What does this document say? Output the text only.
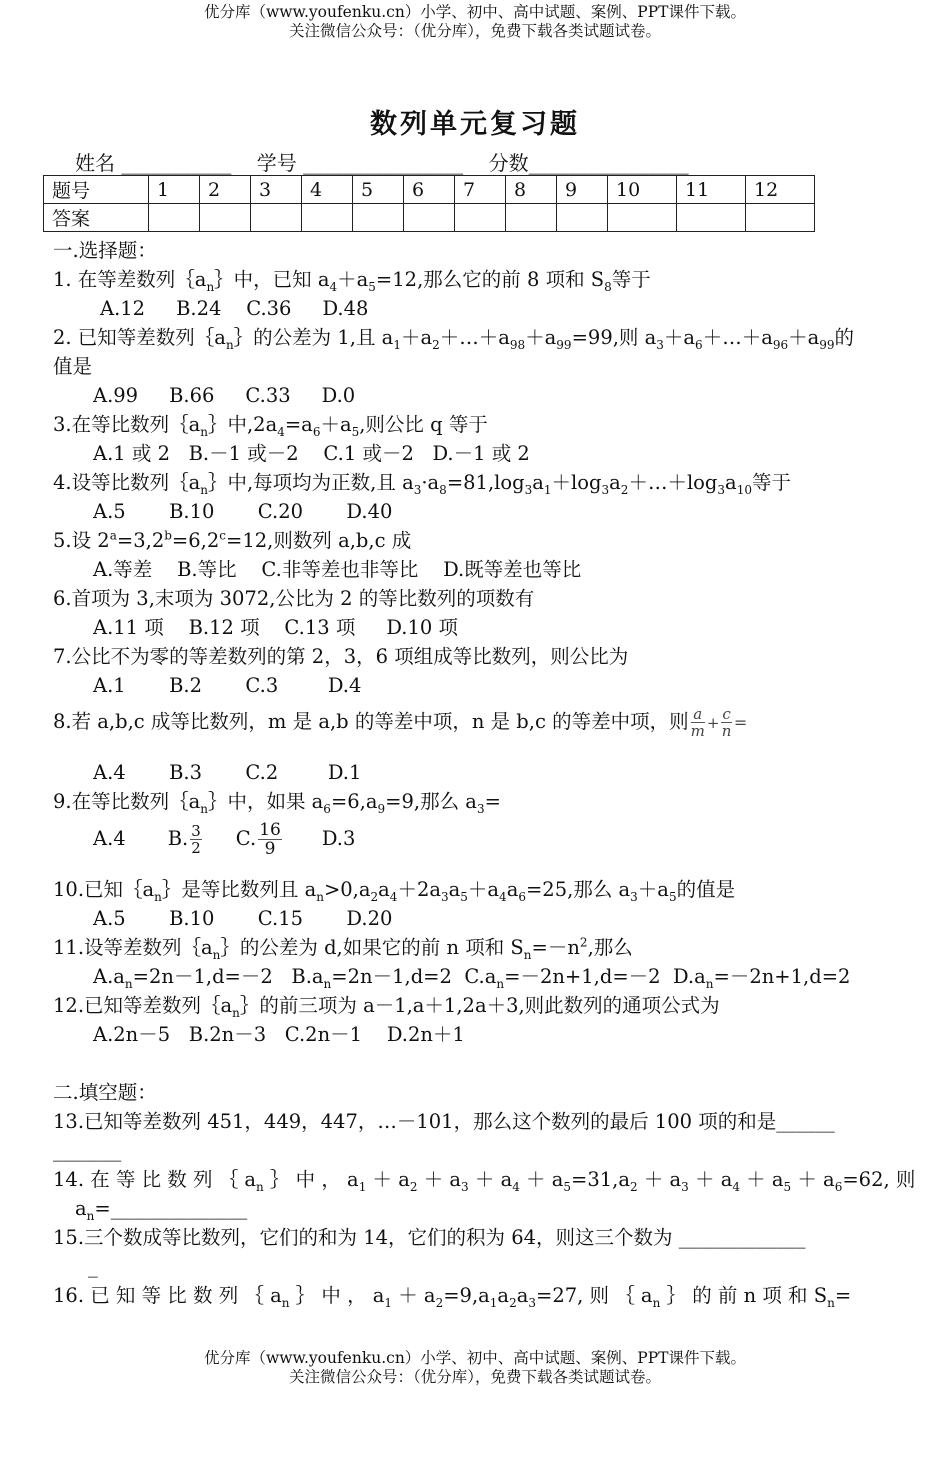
优分库（www.youfenku.cn）小学、初中、高中试题、案例、PPT课件下载。
关注微信公众号：（优分库），免费下载各类试题试卷。
数列单元复习题
姓名 ___________    学号 ________________    分数________________
题号	1	2	3	4	5	6	7	8	9	10	11	12
答案												
一.选择题：
1. 在等差数列$\{a_n\}$中，已知 $a_4+a_5=12$,那么它的前 8 项和 $S_8$等于
A.12     B.24    C.36     D.48
2. 已知等差数列$\{a_n\}$的公差为 1,且 $a_1+a_2+\dots+a_{98}+a_{99}=99$,则 $a_3+a_6+\dots+a_{96}+a_{99}$的
值是
A.99     B.66     C.33     D.0
3.在等比数列$\{a_n\}$中$,2a_4=a_6+a_5$,则公比 q 等于
A.1 或 2   B.－1 或－2    C.1 或－2   D.－1 或 2
4.设等比数列$\{a_n\}$中,每项均为正数,且 $a_3\cdot a_8=81,\log_3a_1+\log_3a_2+\dots+\log_3a_{10}$等于
A.5       B.10       C.20       D.40
5.设 $2^a=3,2^b=6,2^c=12$,则数列 a,b,c 成
A.等差    B.等比    C.非等差也非等比    D.既等差也等比
6.首项为 3,末项为 3072,公比为 2 的等比数列的项数有
A.11 项    B.12 项    C.13 项     D.10 项
7.公比不为零的等差数列的第 2，3，6 项组成等比数列，则公比为
A.1       B.2       C.3        D.4
8.若 a,b,c 成等比数列，m 是 a,b 的等差中项，n 是 b,c 的等差中项，则 $\frac{a}{m} + \frac{c}{n}$ =
A.4       B.3       C.2        D.1
9.在等比数列$\{a_n\}$中，如果 $a_6=6,a_9=9$,那么 $a_3=$
A.4 B. $\frac{3}{2} C$. $\frac{16}{9} D.3$
10.已知$\{a_n\}$是等比数列且 $a_n>0,a_2a_4+2a_3a_5+a_4a_6=25$,那么 $a_3+a_5$的值是
A.5       B.10       C.15       D.20
11.设等差数列$\{a_n\}$的公差为 d,如果它的前 n 项和 $S_n=-n^2$,那么
$A.a_n=2n-1,d=-2$   $B.a_n=2n-1,d=2$  $C.a_n=-2n+1,d=-2$  $D.a_n=-2n+1,d=2$
12.已知等差数列$\{a_n\}$的前三项为 a－1,a＋1,2a＋3,则此数列的通项公式为
A.2n－5   B.2n－3   C.2n－1    D.2n＋1
二.填空题：
13.已知等差数列 451，449，447，…－101，那么这个数列的最后 100 项的和是______
_______
14. 在 等 比 数 列 ｛ $a_n$ ｝ 中 ， $a_1 + a_2 + a_3 + a_4 + a_5=31,a_2 + a_3 + a_4 + a_5 + a_6=62$, 则
$a_n=\_\_\_\_\_\_\_\_\_\_\_\_\_\_$
15.三个数成等比数列，它们的和为 14，它们的积为 64，则这三个数为 _____________
_
16. 已 知 等 比 数 列 ｛ $a_n$ ｝ 中 ， $a_1 + a_2=9,a_1a_2a_3=27$, 则 ｛ $a_n$ ｝ 的 前 n 项 和 $S_n=$
优分库（www.youfenku.cn）小学、初中、高中试题、案例、PPT课件下载。
关注微信公众号：（优分库），免费下载各类试题试卷。
